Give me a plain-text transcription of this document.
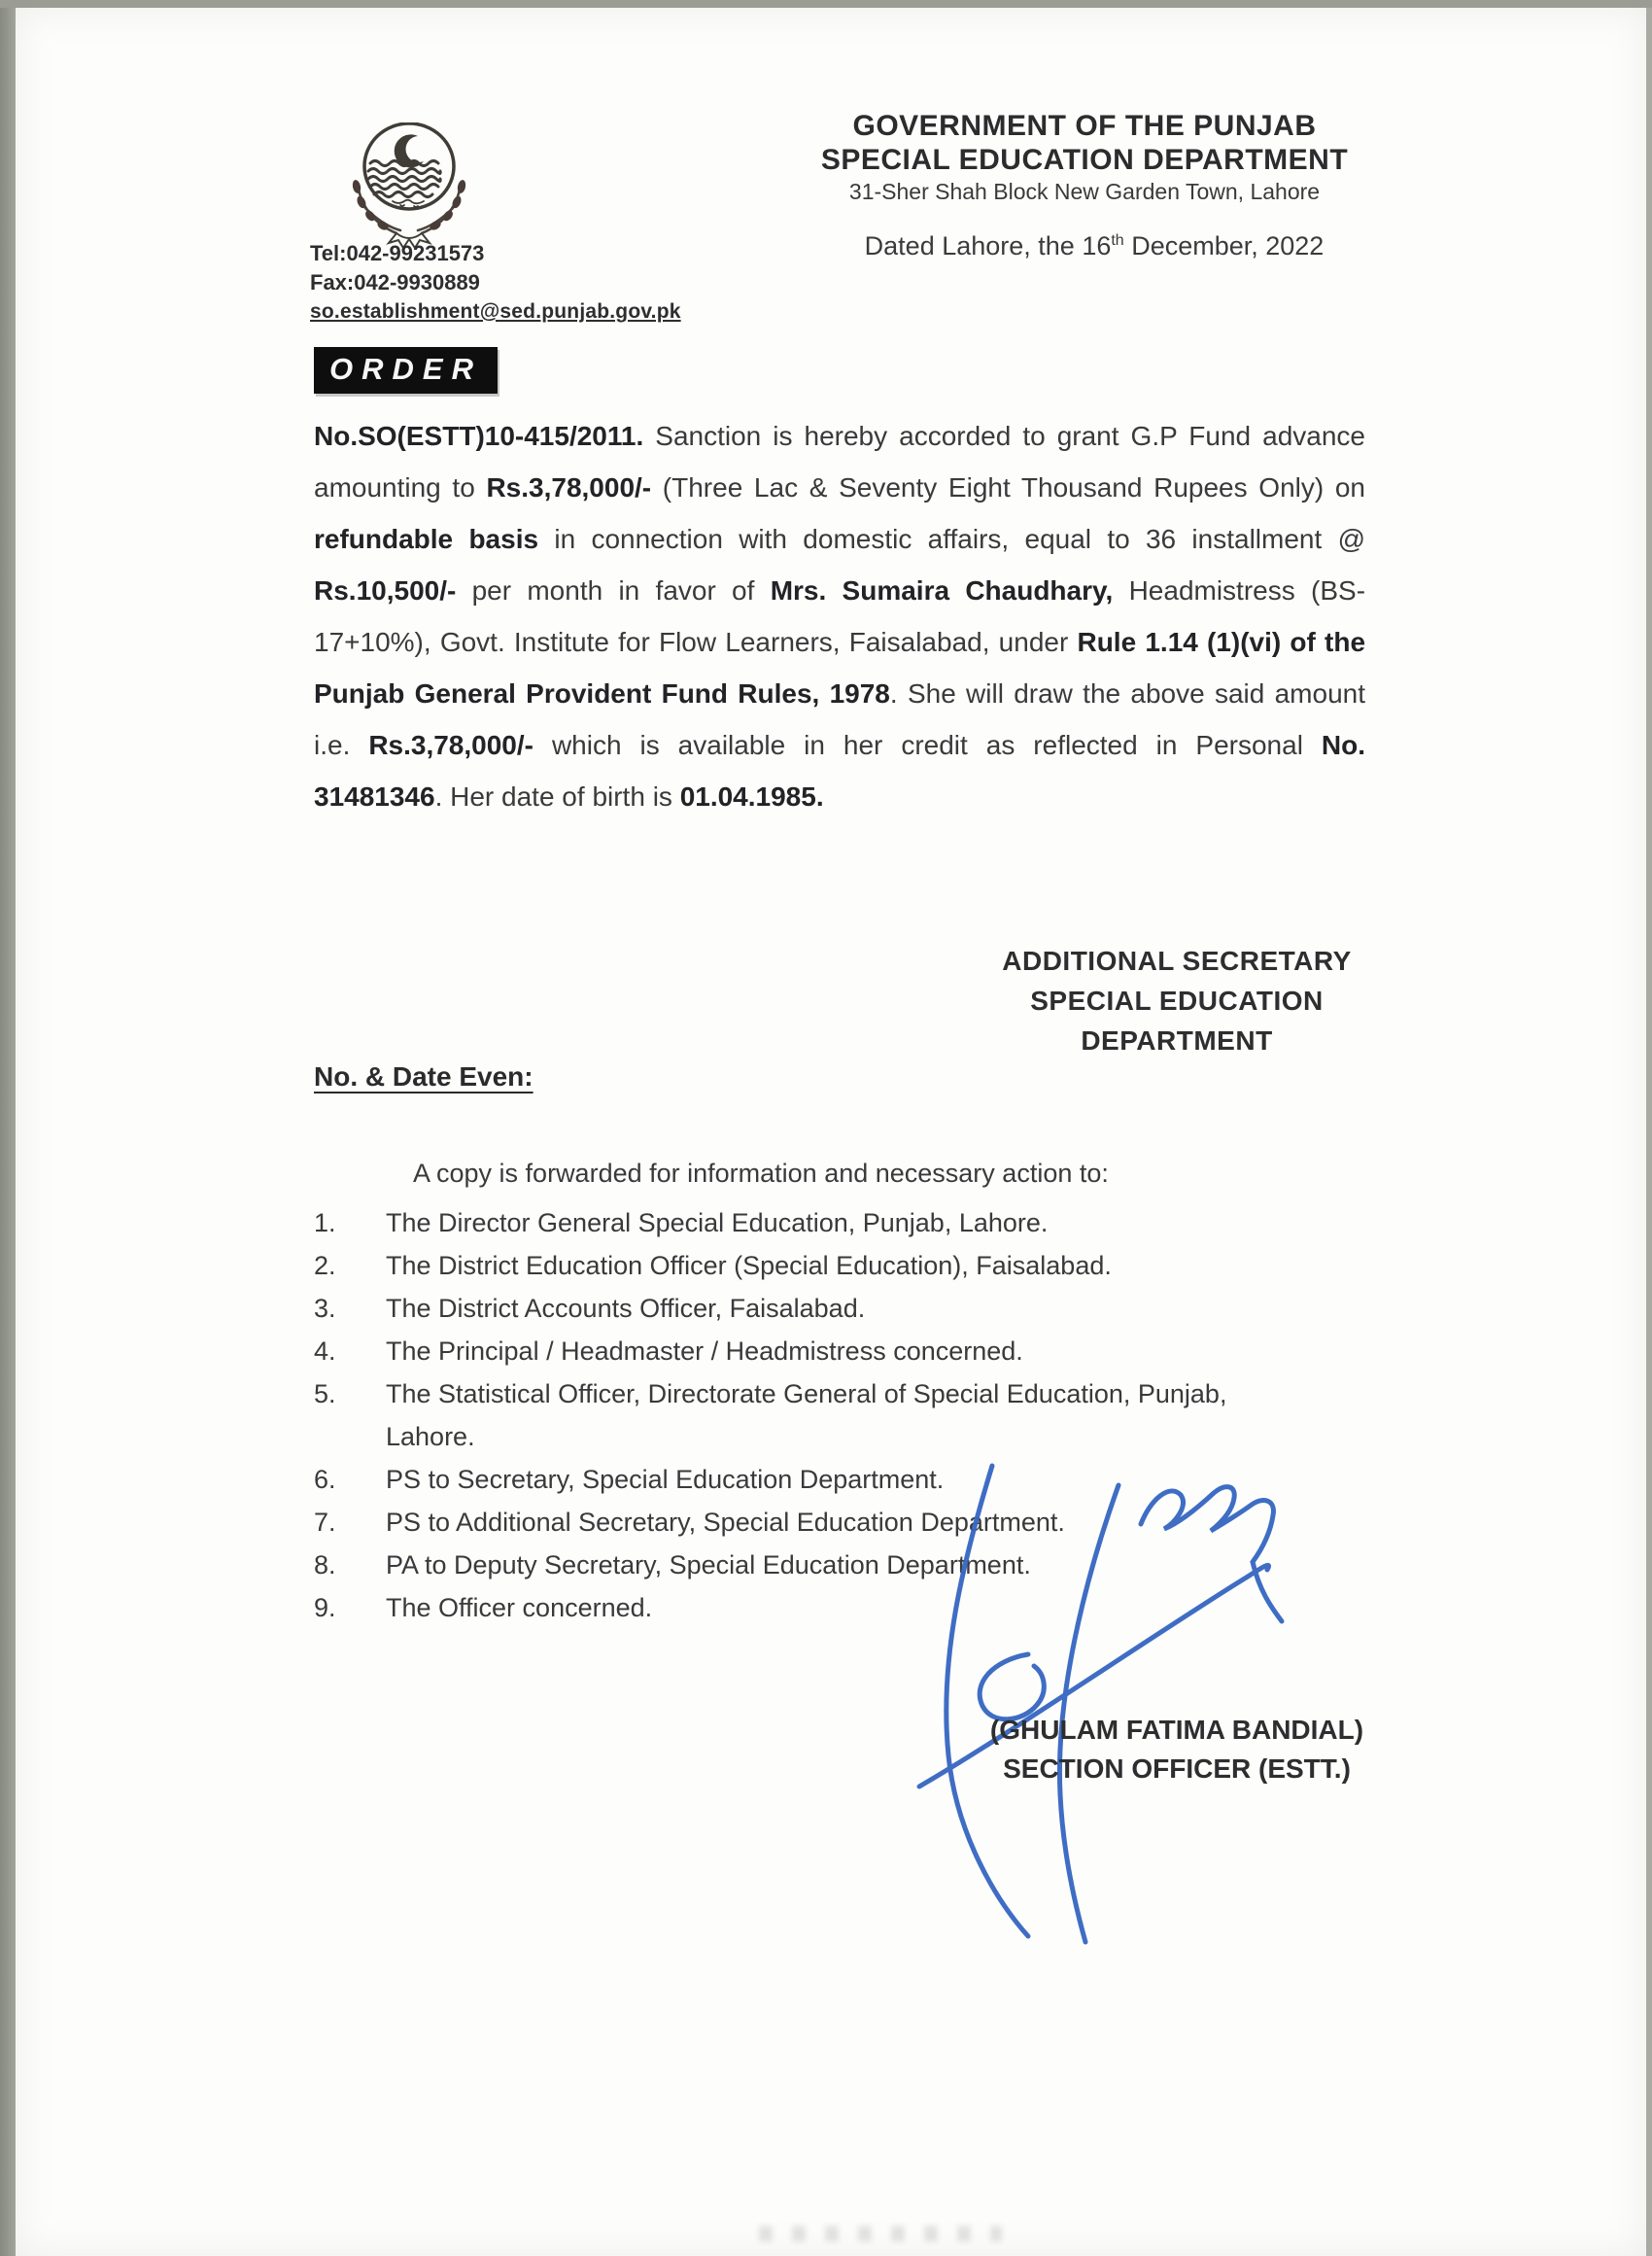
GOVERNMENT OF THE PUNJAB
SPECIAL EDUCATION DEPARTMENT
31-Sher Shah Block New Garden Town, Lahore
Dated Lahore, the 16th December, 2022
Tel:042-99231573
Fax:042-9930889
so.establishment@sed.punjab.gov.pk
ORDER
No.SO(ESTT)10-415/2011. Sanction is hereby accorded to grant G.P Fund advance amounting to Rs.3,78,000/- (Three Lac & Seventy Eight Thousand Rupees Only) on refundable basis in connection with domestic affairs, equal to 36 installment @ Rs.10,500/- per month in favor of Mrs. Sumaira Chaudhary, Headmistress (BS-17+10%), Govt. Institute for Flow Learners, Faisalabad, under Rule 1.14 (1)(vi) of the Punjab General Provident Fund Rules, 1978. She will draw the above said amount i.e. Rs.3,78,000/- which is available in her credit as reflected in Personal No. 31481346. Her date of birth is 01.04.1985.
ADDITIONAL SECRETARY
SPECIAL EDUCATION
DEPARTMENT
No. & Date Even:
A copy is forwarded for information and necessary action to:
1.	The Director General Special Education, Punjab, Lahore.
2.	The District Education Officer (Special Education), Faisalabad.
3.	The District Accounts Officer, Faisalabad.
4.	The Principal / Headmaster / Headmistress concerned.
5.	The Statistical Officer, Directorate General of Special Education, Punjab, Lahore.
6.	PS to Secretary, Special Education Department.
7.	PS to Additional Secretary, Special Education Department.
8.	PA to Deputy Secretary, Special Education Department.
9.	The Officer concerned.
(GHULAM FATIMA BANDIAL)
SECTION OFFICER (ESTT.)
